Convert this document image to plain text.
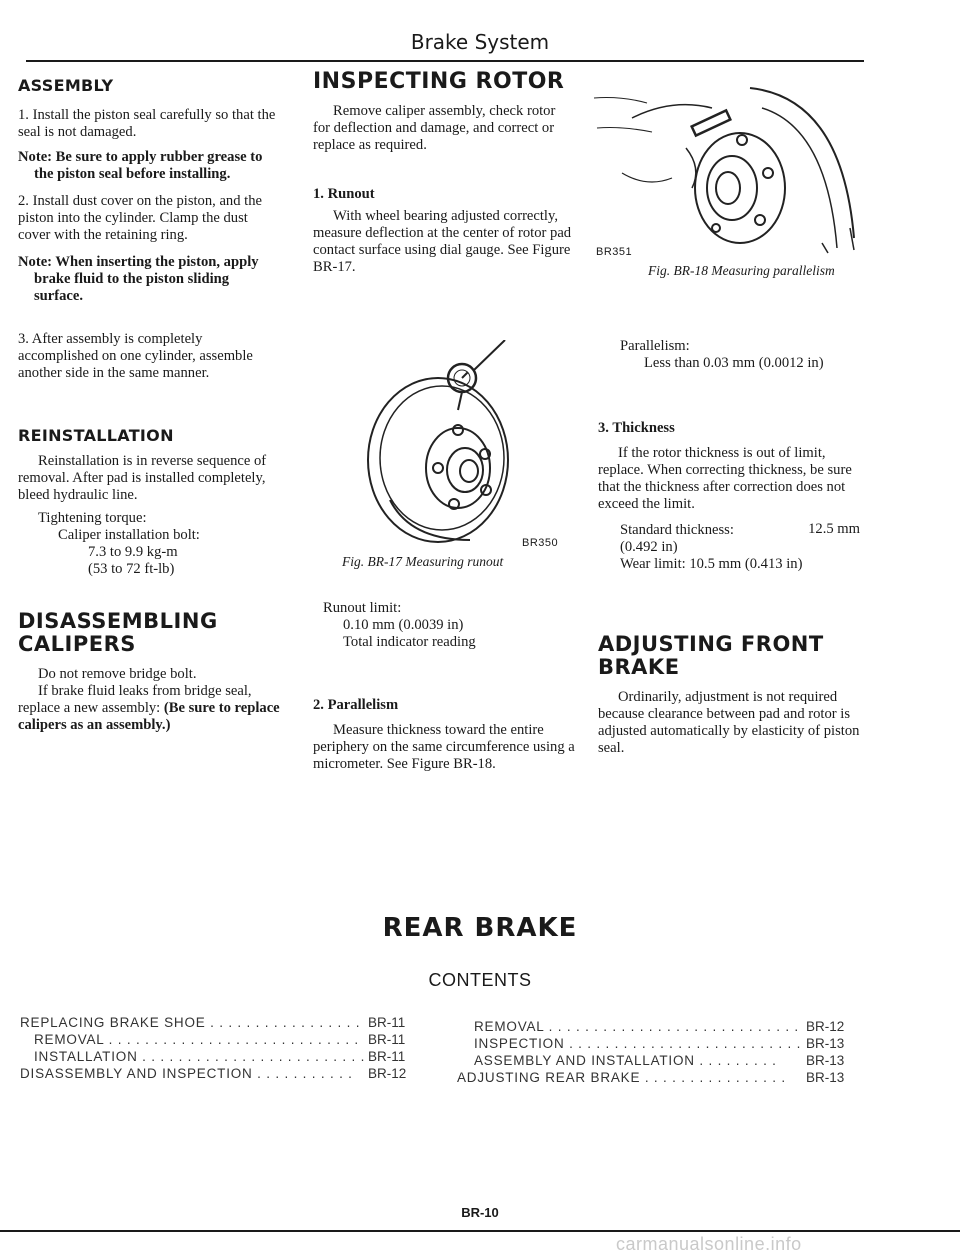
Brake System
ASSEMBLY

1. Install the piston seal carefully so that the seal is not damaged.

Note: Be sure to apply rubber grease to the piston seal before installing.

2. Install dust cover on the piston, and the piston into the cylinder. Clamp the dust cover with the retaining ring.

Note: When inserting the piston, apply brake fluid to the piston sliding surface.

3. After assembly is completely accomplished on one cylinder, assemble another side in the same manner.

REINSTALLATION

Reinstallation is in reverse sequence of removal. After pad is installed completely, bleed hydraulic line.

Tightening torque:

Caliper installation bolt:

7.3 to 9.9 kg-m

(53 to 72 ft-lb)

DISASSEMBLING
CALIPERS

Do not remove bridge bolt.

If brake fluid leaks from bridge seal, replace a new assembly: (Be sure to replace calipers as an assembly.)

INSPECTING ROTOR

Remove caliper assembly, check rotor for deflection and damage, and correct or replace as required.

1. Runout

With wheel bearing adjusted correctly, measure deflection at the center of rotor pad contact surface using dial gauge. See Figure BR-17.

BR350
Fig. BR-17 Measuring runout

Runout limit:

0.10 mm (0.0039 in)

Total indicator reading

2. Parallelism

Measure thickness toward the entire periphery on the same circumference using a micrometer. See Figure BR-18.

BR351
Fig. BR-18 Measuring parallelism

Parallelism:

Less than 0.03 mm (0.0012 in)

3. Thickness

If the rotor thickness is out of limit, replace. When correcting thickness, be sure that the thickness after correction does not exceed the limit.

Standard thickness:	12.5 mm

(0.492 in)

Wear limit: 10.5 mm (0.413 in)

ADJUSTING FRONT
BRAKE

Ordinarily, adjustment is not required because clearance between pad and rotor is adjusted automatically by elasticity of piston seal.

REAR BRAKE
CONTENTS
REPLACING BRAKE SHOE . . . . . . . . . . . . . . . . . BR-11
REMOVAL . . . . . . . . . . . . . . . . . . . . . . . . . . . . BR-11
INSTALLATION . . . . . . . . . . . . . . . . . . . . . . . . . BR-11
DISASSEMBLY AND INSPECTION . . . . . . . . . . . BR-12
REMOVAL . . . . . . . . . . . . . . . . . . . . . . . . . . . . BR-12
INSPECTION . . . . . . . . . . . . . . . . . . . . . . . . . . .
BR-13
ASSEMBLY AND INSTALLATION . . . . . . . . . BR-13
ADJUSTING REAR BRAKE . . . . . . . . . . . . . . . . BR-13
BR-10
carmanualsonline.info
